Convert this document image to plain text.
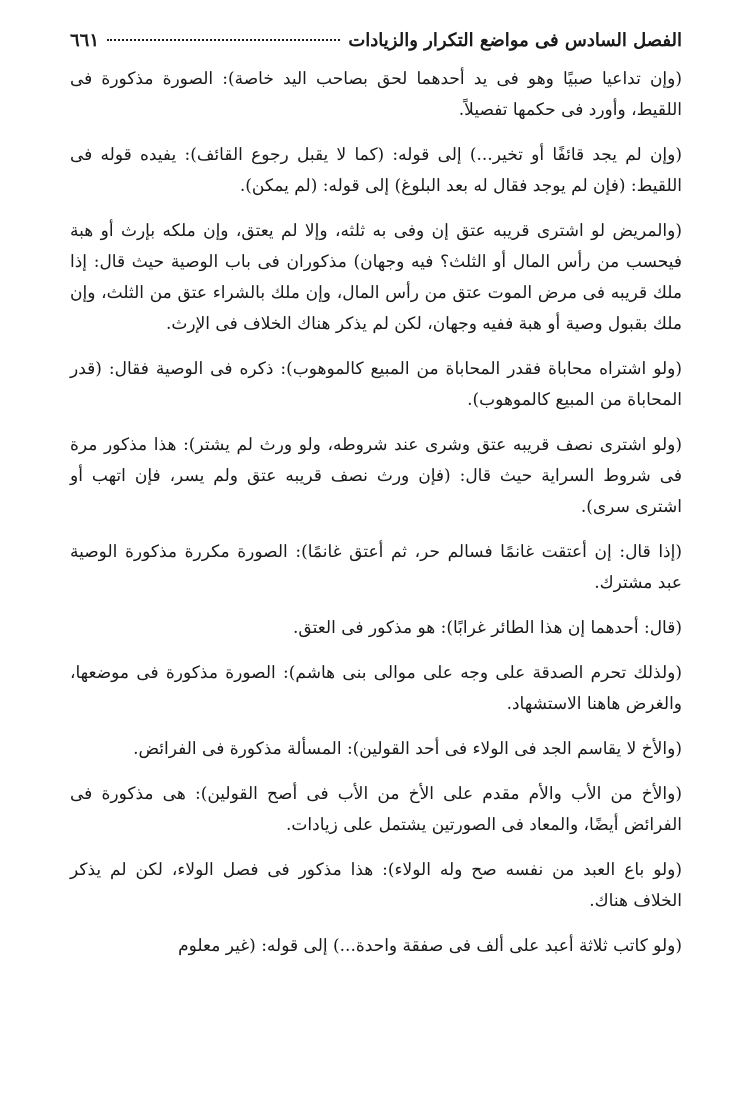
الفصل السادس فى مواضع التكرار والزيادات
٦٦١

(وإن تداعيا صبيًا وهو فى يد أحدهما لحق بصاحب اليد خاصة): الصورة مذكورة فى اللقيط، وأورد فى حكمها تفصيلاً.

(وإن لم يجد قائفًا أو تخير...) إلى قوله: (كما لا يقبل رجوع القائف): يفيده قوله فى اللقيط: (فإن لم يوجد فقال له بعد البلوغ) إلى قوله: (لم يمكن).

(والمريض لو اشترى قريبه عتق إن وفى به ثلثه، وإلا لم يعتق، وإن ملكه بإرث أو هبة فيحسب من رأس المال أو الثلث؟ فيه وجهان) مذكوران فى باب الوصية حيث قال: إذا ملك قريبه فى مرض الموت عتق من رأس المال، وإن ملك بالشراء عتق من الثلث، وإن ملك بقبول وصية أو هبة ففيه وجهان، لكن لم يذكر هناك الخلاف فى الإرث.

(ولو اشتراه محاباة فقدر المحاباة من المبيع كالموهوب): ذكره فى الوصية فقال: (قدر المحاباة من المبيع كالموهوب).

(ولو اشترى نصف قريبه عتق وشرى عند شروطه، ولو ورث لم يشتر): هذا مذكور مرة فى شروط السراية حيث قال: (فإن ورث نصف قريبه عتق ولم يسر، فإن اتهب أو اشترى سرى).

(إذا قال: إن أعتقت غانمًا فسالم حر، ثم أعتق غانمًا): الصورة مكررة مذكورة الوصية عبد مشترك.

(قال: أحدهما إن هذا الطائر غرابًا): هو مذكور فى العتق.

(ولذلك تحرم الصدقة على وجه على موالى بنى هاشم): الصورة مذكورة فى موضعها، والغرض هاهنا الاستشهاد.

(والأخ لا يقاسم الجد فى الولاء فى أحد القولين): المسألة مذكورة فى الفرائض.

(والأخ من الأب والأم مقدم على الأخ من الأب فى أصح القولين): هى مذكورة فى الفرائض أيضًا، والمعاد فى الصورتين يشتمل على زيادات.

(ولو باع العبد من نفسه صح وله الولاء): هذا مذكور فى فصل الولاء، لكن لم يذكر الخلاف هناك.

(ولو كاتب ثلاثة أعبد على ألف فى صفقة واحدة...) إلى قوله: (غير معلوم
